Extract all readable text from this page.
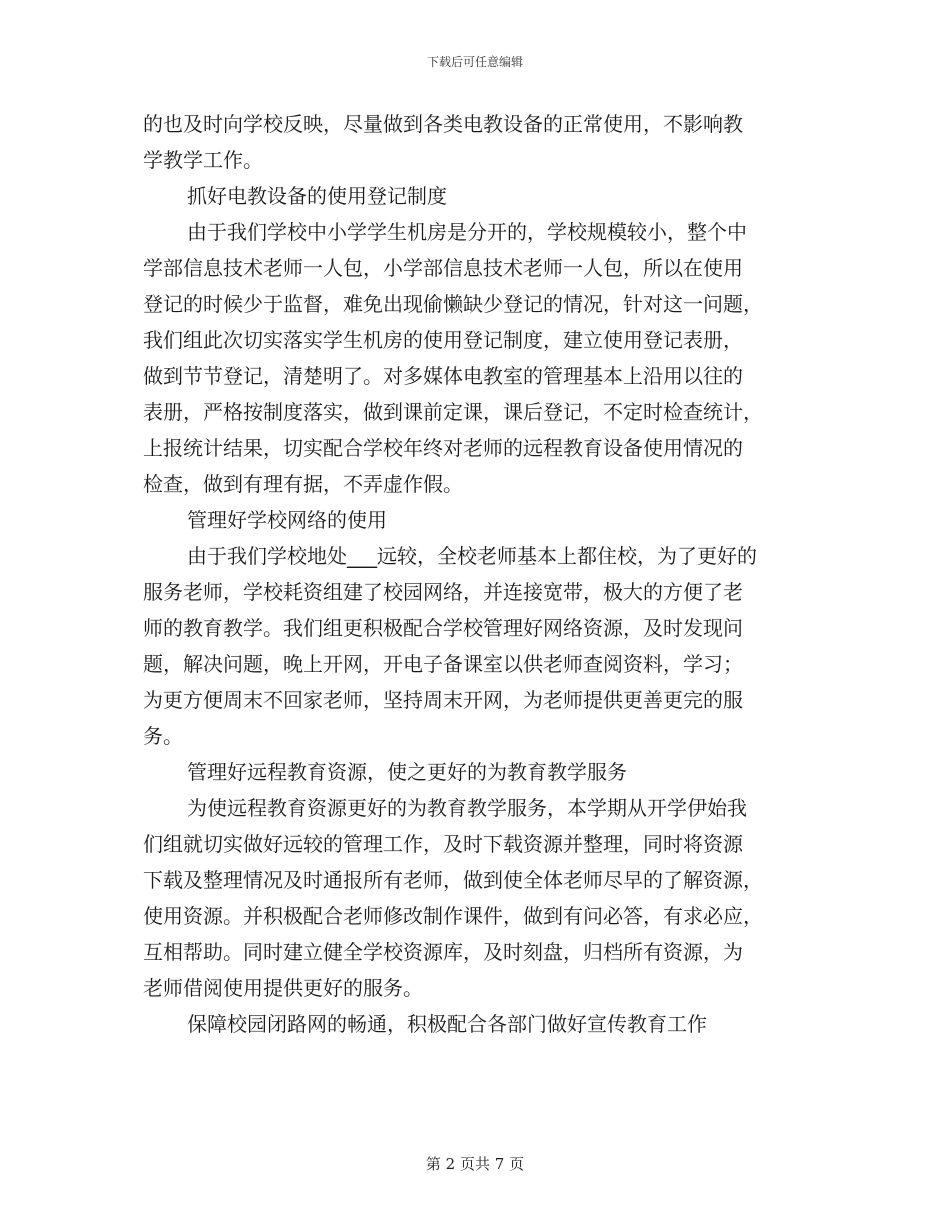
下载后可任意编辑
的也及时向学校反映，尽量做到各类电教设备的正常使用，不影响教
学教学工作。
抓好电教设备的使用登记制度
由于我们学校中小学学生机房是分开的，学校规模较小，整个中
学部信息技术老师一人包，小学部信息技术老师一人包，所以在使用
登记的时候少于监督，难免出现偷懒缺少登记的情况，针对这一问题，
我们组此次切实落实学生机房的使用登记制度，建立使用登记表册，
做到节节登记，清楚明了。对多媒体电教室的管理基本上沿用以往的
表册，严格按制度落实，做到课前定课，课后登记，不定时检查统计，
上报统计结果，切实配合学校年终对老师的远程教育设备使用情况的
检查，做到有理有据，不弄虚作假。
管理好学校网络的使用
由于我们学校地处___远较，全校老师基本上都住校，为了更好的
服务老师，学校耗资组建了校园网络，并连接宽带，极大的方便了老
师的教育教学。我们组更积极配合学校管理好网络资源，及时发现问
题，解决问题，晚上开网，开电子备课室以供老师查阅资料，学习；
为更方便周末不回家老师，坚持周末开网，为老师提供更善更完的服
务。
管理好远程教育资源，使之更好的为教育教学服务
为使远程教育资源更好的为教育教学服务，本学期从开学伊始我
们组就切实做好远较的管理工作，及时下载资源并整理，同时将资源
下载及整理情况及时通报所有老师，做到使全体老师尽早的了解资源，
使用资源。并积极配合老师修改制作课件，做到有问必答，有求必应，
互相帮助。同时建立健全学校资源库，及时刻盘，归档所有资源，为
老师借阅使用提供更好的服务。
保障校园闭路网的畅通，积极配合各部门做好宣传教育工作
第 2 页共 7 页
